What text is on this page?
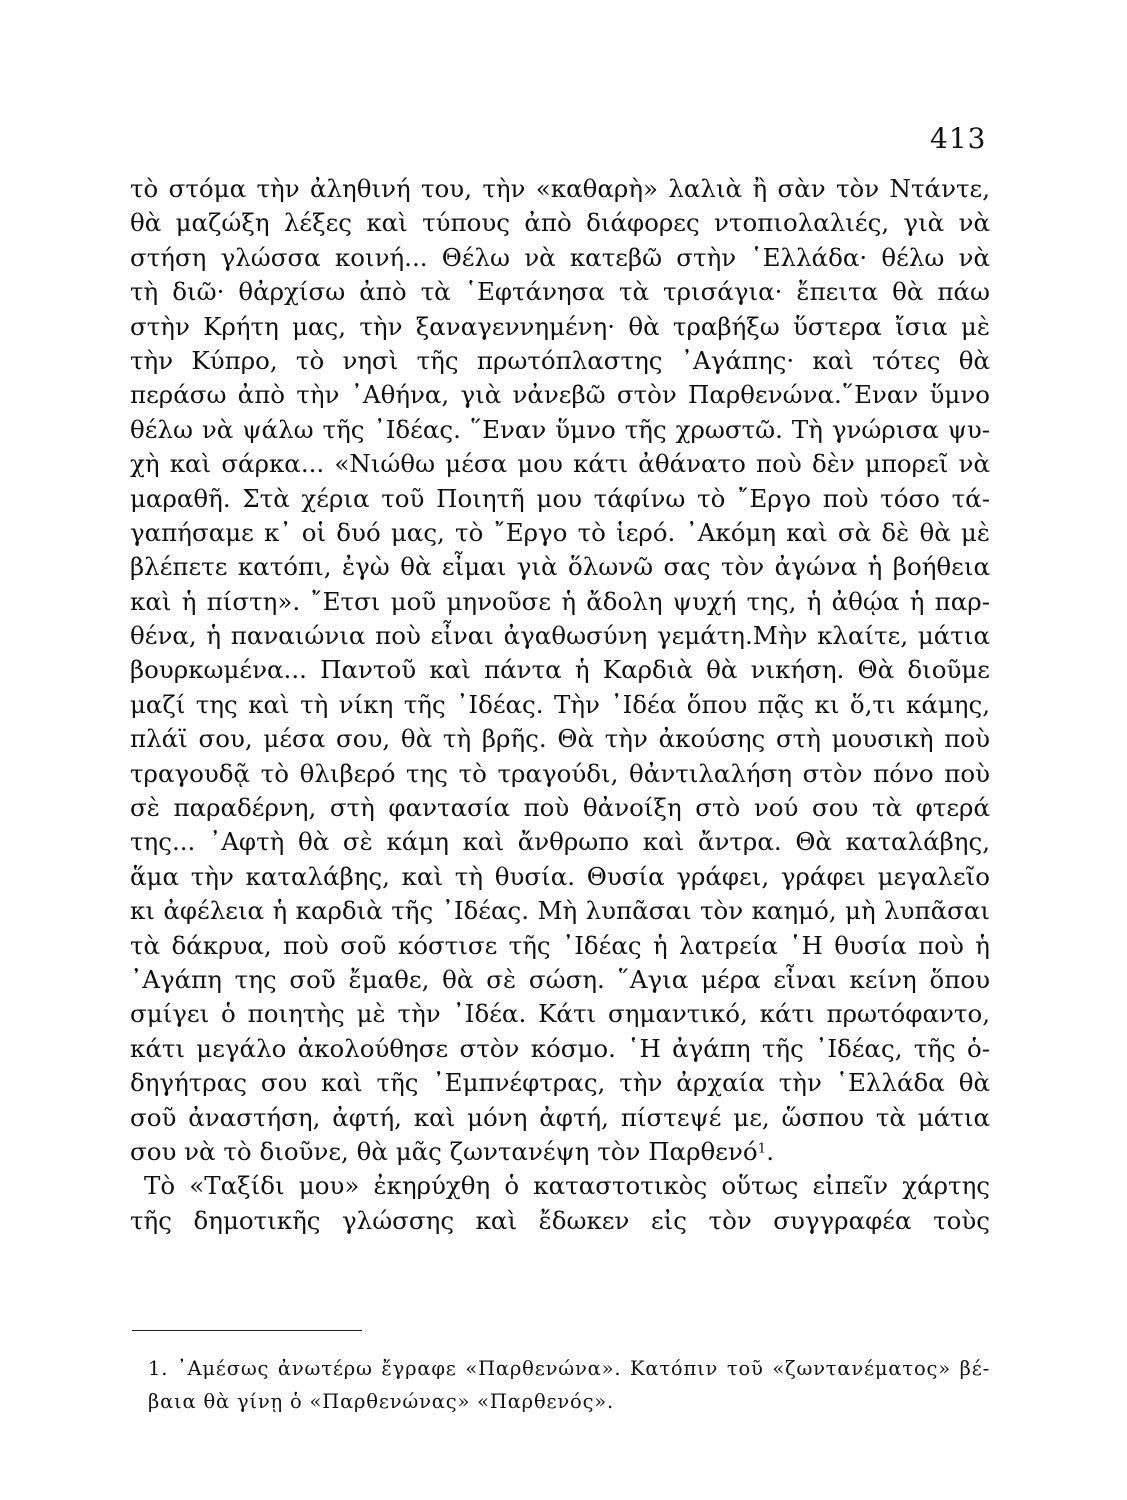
413
τὸ στόμα τὴν ἀληθινή του, τὴν «καθαρὴ» λαλιὰ ἢ σὰν τὸν Ντάντε,
θὰ μαζώξη λέξες καὶ τύπους ἀπὸ διάφορες ντοπιολαλιές, γιὰ νὰ
στήση γλώσσα κοινή... Θέλω νὰ κατεβῶ στὴν ῾Ελλάδα· θέλω νὰ
τὴ διῶ· θἀρχίσω ἀπὸ τὰ ῾Εφτάνησα τὰ τρισάγια· ἔπειτα θὰ πάω
στὴν Κρήτη μας, τὴν ξαναγεννημένη· θὰ τραβήξω ὕστερα ἴσια μὲ
τὴν Κύπρο, τὸ νησὶ τῆς πρωτόπλαστης ᾽Αγάπης· καὶ τότες θὰ
περάσω ἀπὸ τὴν ᾽Αθήνα, γιὰ νἀνεβῶ στὸν Παρθενώνα.῞Εναν ὕμνο
θέλω νὰ ψάλω τῆς ᾽Ιδέας. ῞Εναν ὕμνο τῆς χρωστῶ. Τὴ γνώρισα ψυ-
χὴ καὶ σάρκα... «Νιώθω μέσα μου κάτι ἀθάνατο ποὺ δὲν μπορεῖ νὰ
μαραθῆ. Στὰ χέρια τοῦ Ποιητῆ μου τάφίνω τὸ ῎Εργο ποὺ τόσο τά-
γαπήσαμε κ᾽ οἱ δυό μας, τὸ ῎Εργο τὸ ἱερό. ᾽Ακόμη καὶ σὰ δὲ θὰ μὲ
βλέπετε κατόπι, ἐγὼ θὰ εἶμαι γιὰ ὅλωνῶ σας τὸν ἀγώνα ἡ βοήθεια
καὶ ἡ πίστη». ῎Ετσι μοῦ μηνοῦσε ἡ ἄδολη ψυχή της, ἡ ἀθῴα ἡ παρ-
θένα, ἡ παναιώνια ποὺ εἶναι ἀγαθωσύνη γεμάτη.Μὴν κλαίτε, μάτια
βουρκωμένα... Παντοῦ καὶ πάντα ἡ Καρδιὰ θὰ νικήση. Θὰ διοῦμε
μαζί της καὶ τὴ νίκη τῆς ᾽Ιδέας. Τὴν ᾽Ιδέα ὅπου πᾷς κι ὅ,τι κάμης,
πλάϊ σου, μέσα σου, θὰ τὴ βρῆς. Θὰ τὴν ἀκούσης στὴ μουσικὴ ποὺ
τραγουδᾷ τὸ θλιβερό της τὸ τραγούδι, θἀντιλαλήση στὸν πόνο ποὺ
σὲ παραδέρνη, στὴ φαντασία ποὺ θἀνοίξη στὸ νού σου τὰ φτερά
της... ᾽Αφτὴ θὰ σὲ κάμη καὶ ἄνθρωπο καὶ ἄντρα. Θὰ καταλάβης,
ἅμα τὴν καταλάβης, καὶ τὴ θυσία. Θυσία γράφει, γράφει μεγαλεῖο
κι ἀφέλεια ἡ καρδιὰ τῆς ᾽Ιδέας. Μὴ λυπᾶσαι τὸν καημό, μὴ λυπᾶσαι
τὰ δάκρυα, ποὺ σοῦ κόστισε τῆς ᾽Ιδέας ἡ λατρεία ῾Η θυσία ποὺ ἡ
᾽Αγάπη της σοῦ ἔμαθε, θὰ σὲ σώση. ῞Αγια μέρα εἶναι κείνη ὅπου
σμίγει ὁ ποιητὴς μὲ τὴν ᾽Ιδέα. Κάτι σημαντικό, κάτι πρωτόφαντο,
κάτι μεγάλο ἀκολούθησε στὸν κόσμο. ῾Η ἀγάπη τῆς ᾽Ιδέας, τῆς ὁ-
δηγήτρας σου καὶ τῆς ᾽Εμπνέφτρας, τὴν ἀρχαία τὴν ῾Ελλάδα θὰ
σοῦ ἀναστήση, ἀφτή, καὶ μόνη ἀφτή, πίστεψέ με, ὥσπου τὰ μάτια
σου νὰ τὸ διοῦνε, θὰ μᾶς ζωντανέψη τὸν Παρθενό$^1$.
Τὸ «Ταξίδι μου» ἐκηρύχθη ὁ καταστοτικὸς οὕτως εἰπεῖν χάρτης
τῆς δημοτικῆς γλώσσης καὶ ἔδωκεν εἰς τὸν συγγραφέα τοὺς
1. ᾽Αμέσως ἀνωτέρω ἔγραφε «Παρθενώνα». Κατόπιν τοῦ «ζωντανέματος» βέ-
βαια θὰ γίνῃ ὁ «Παρθενώνας» «Παρθενός».
